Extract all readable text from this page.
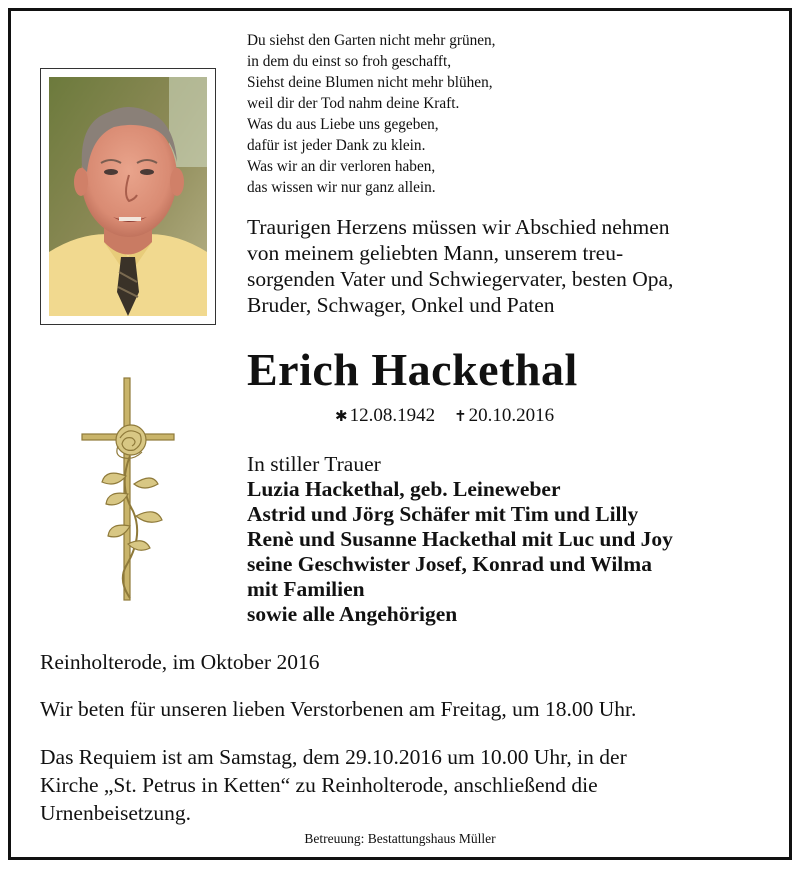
Du siehst den Garten nicht mehr grünen,
in dem du einst so froh geschafft,
Siehst deine Blumen nicht mehr blühen,
weil dir der Tod nahm deine Kraft.
Was du aus Liebe uns gegeben,
dafür ist jeder Dank zu klein.
Was wir an dir verloren haben,
das wissen wir nur ganz allein.
Traurigen Herzens müssen wir Abschied nehmen
von meinem geliebten Mann, unserem treu-
sorgenden Vater und Schwiegervater, besten Opa,
Bruder, Schwager, Onkel und Paten
Erich Hackethal
✱ 12.08.1942 ✝ 20.10.2016
In stiller Trauer
Luzia Hackethal, geb. Leineweber
Astrid und Jörg Schäfer mit Tim und Lilly
Renè und Susanne Hackethal mit Luc und Joy
seine Geschwister Josef, Konrad und Wilma
mit Familien
sowie alle Angehörigen
Reinholterode, im Oktober 2016
Wir beten für unseren lieben Verstorbenen am Freitag, um 18.00 Uhr.
Das Requiem ist am Samstag, dem 29.10.2016 um 10.00 Uhr, in der
Kirche „St. Petrus in Ketten“ zu Reinholterode, anschließend die
Urnenbeisetzung.
Betreuung: Bestattungshaus Müller
